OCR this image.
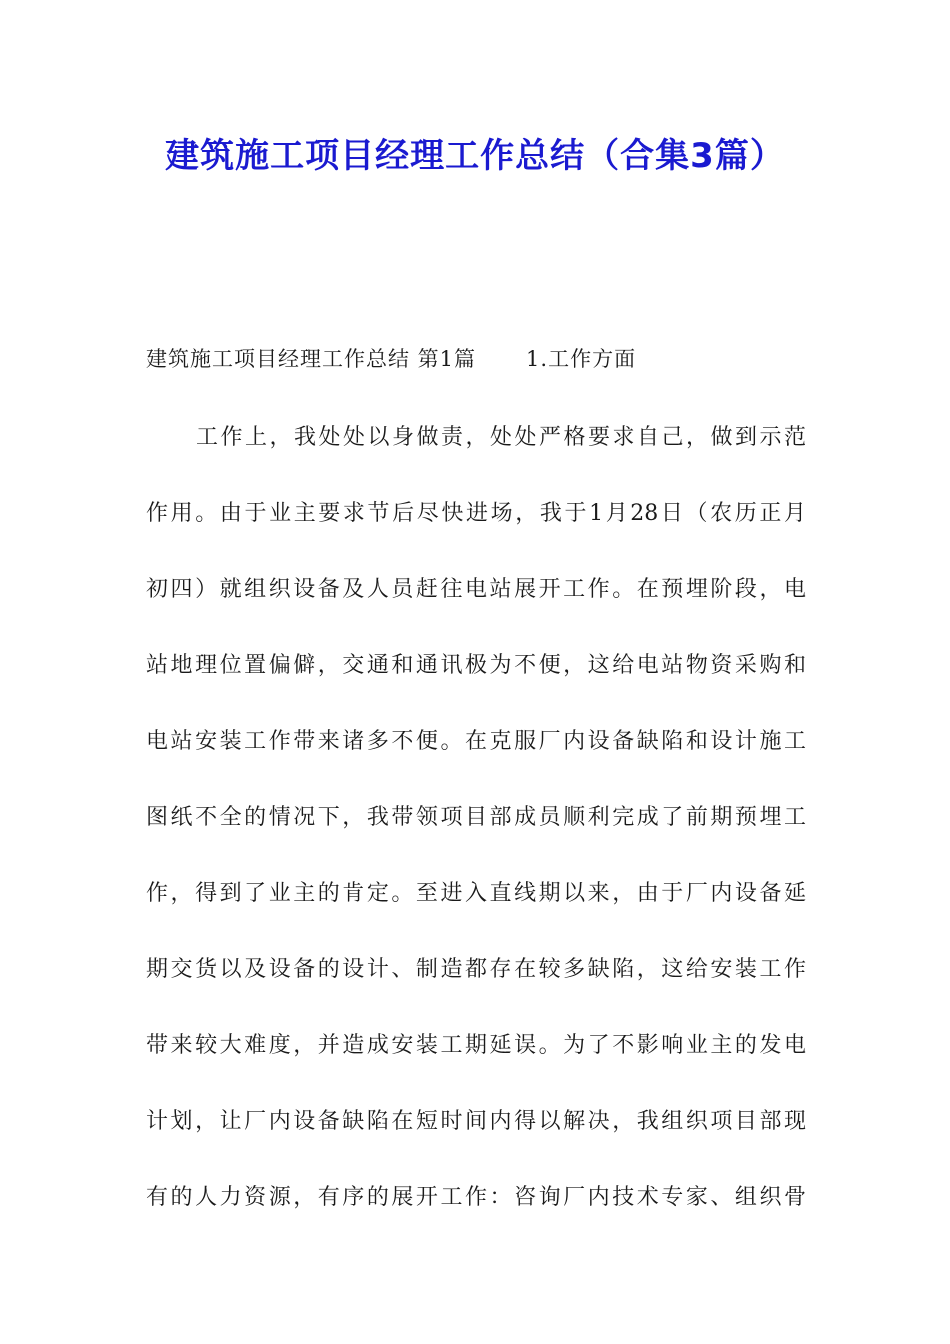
建筑施工项目经理工作总结（合集3篇）
建筑施工项目经理工作总结 第1篇 1.工作方面
工作上，我处处以身做责，处处严格要求自己，做到示范
作用。由于业主要求节后尽快进场，我于1月28日（农历正月
初四）就组织设备及人员赶往电站展开工作。在预埋阶段，电
站地理位置偏僻，交通和通讯极为不便，这给电站物资采购和
电站安装工作带来诸多不便。在克服厂内设备缺陷和设计施工
图纸不全的情况下，我带领项目部成员顺利完成了前期预埋工
作，得到了业主的肯定。至进入直线期以来，由于厂内设备延
期交货以及设备的设计、制造都存在较多缺陷，这给安装工作
带来较大难度，并造成安装工期延误。为了不影响业主的发电
计划，让厂内设备缺陷在短时间内得以解决，我组织项目部现
有的人力资源，有序的展开工作：咨询厂内技术专家、组织骨
